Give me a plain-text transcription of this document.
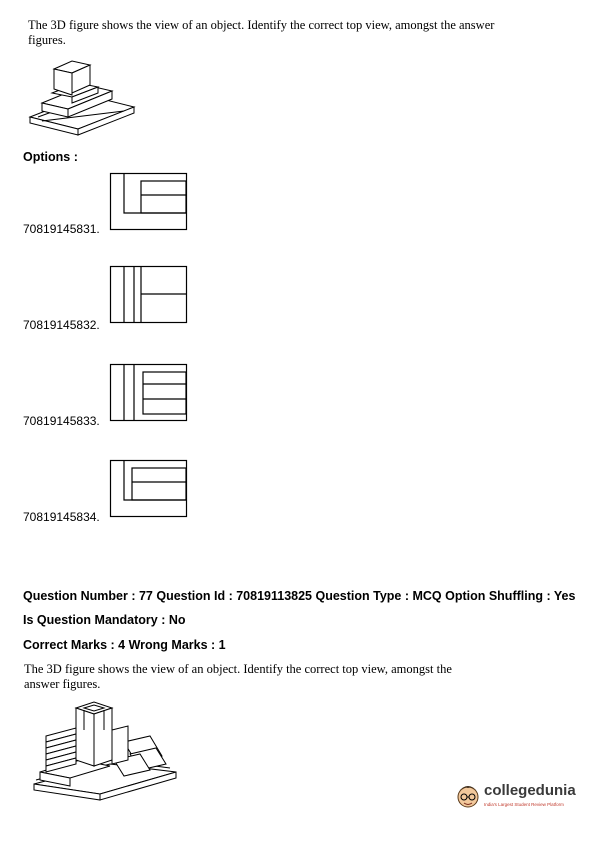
The 3D figure shows the view of an object. Identify the correct top view, amongst the answer
figures.
Options :
70819145831.
70819145832.
70819145833.
70819145834.
Question Number : 77 Question Id : 70819113825 Question Type : MCQ Option Shuffling : Yes
Is Question Mandatory : No
Correct Marks : 4 Wrong Marks : 1
The 3D figure shows the view of an object. Identify the correct top view, amongst the
answer figures.
collegedunia
India's Largest Student Review Platform
